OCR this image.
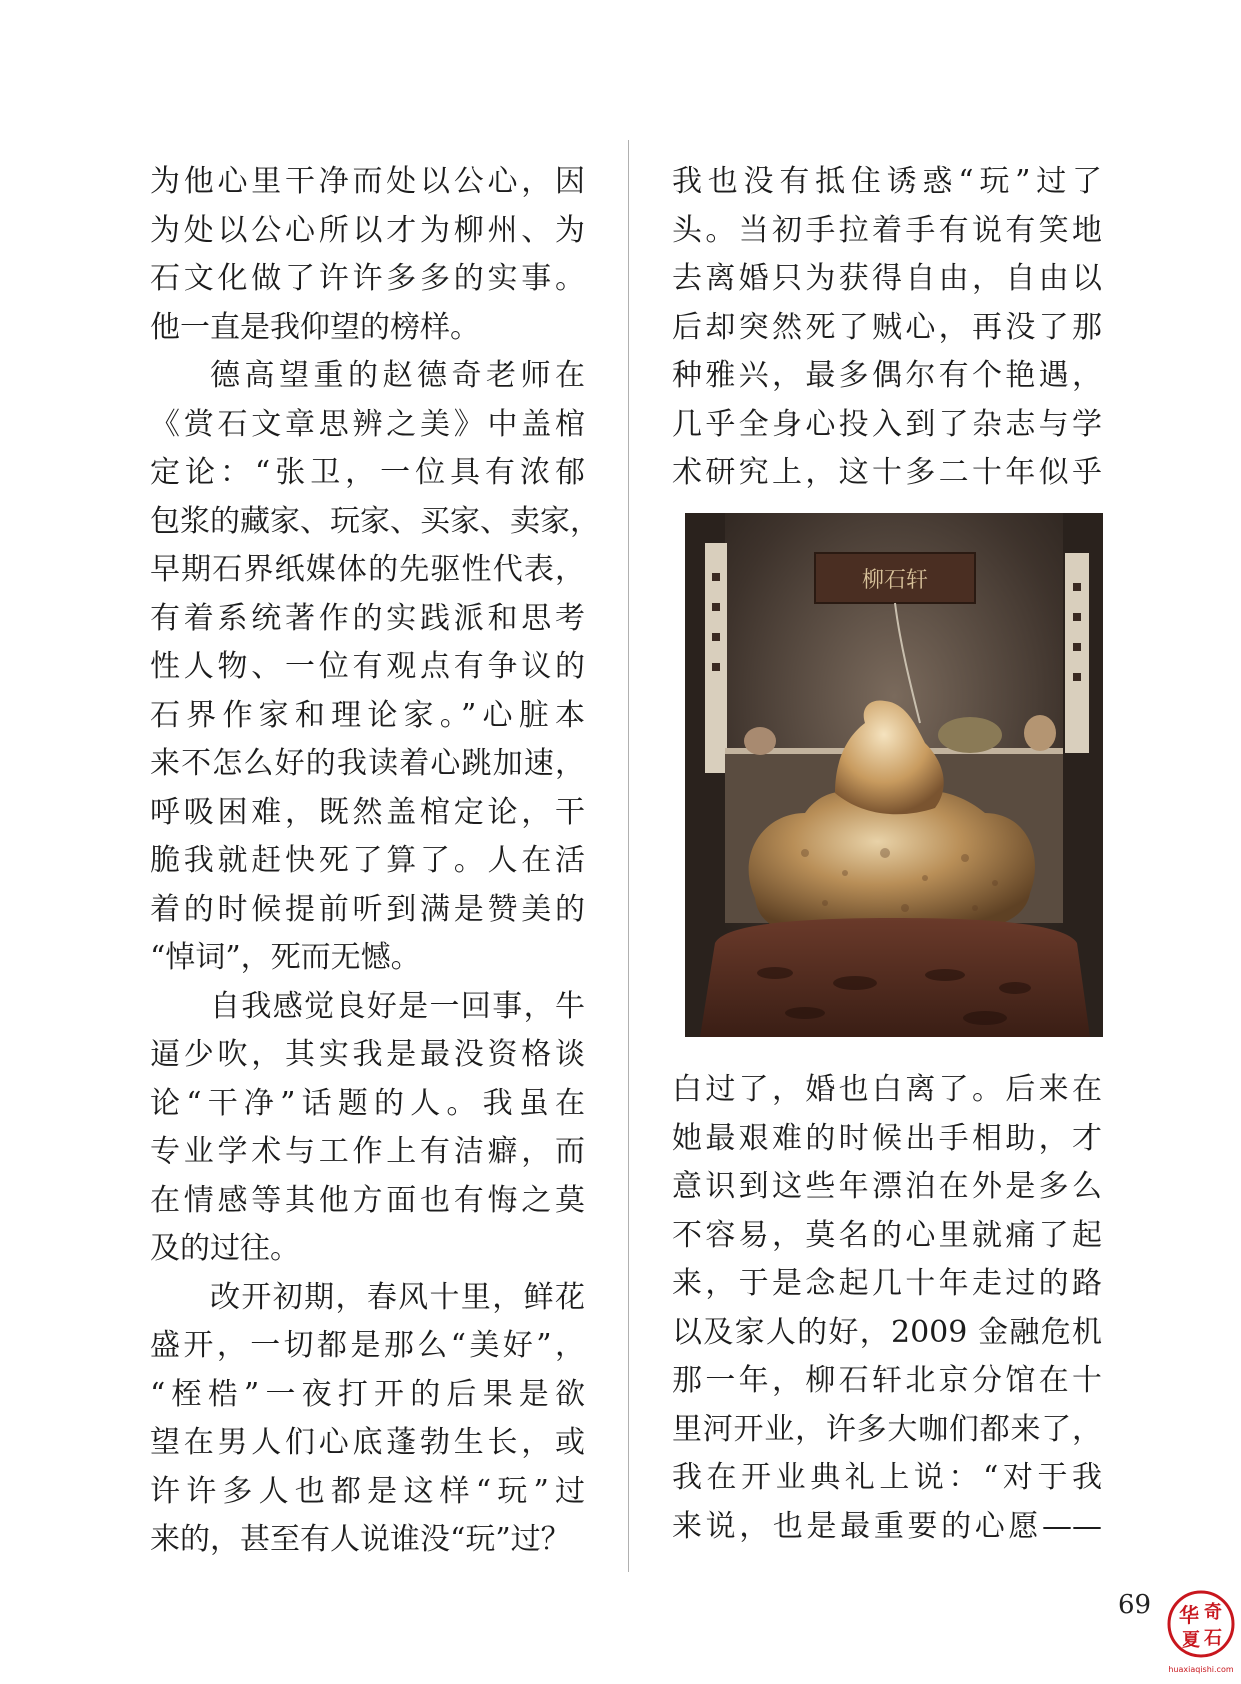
为他心里干净而处以公心，因
为处以公心所以才为柳州、为
石文化做了许许多多的实事。
他一直是我仰望的榜样。
德高望重的赵德奇老师在
《赏石文章思辨之美》中盖棺
定论：“张卫，一位具有浓郁
包浆的藏家、玩家、买家、卖家，
早期石界纸媒体的先驱性代表，
有着系统著作的实践派和思考
性人物、一位有观点有争议的
石界作家和理论家。”心脏本
来不怎么好的我读着心跳加速，
呼吸困难，既然盖棺定论，干
脆我就赶快死了算了。人在活
着的时候提前听到满是赞美的
“悼词”，死而无憾。
自我感觉良好是一回事，牛
逼少吹，其实我是最没资格谈
论“干净”话题的人。我虽在
专业学术与工作上有洁癖，而
在情感等其他方面也有悔之莫
及的过往。
改开初期，春风十里，鲜花
盛开，一切都是那么“美好”，
“桎梏”一夜打开的后果是欲
望在男人们心底蓬勃生长，或
许许多人也都是这样“玩”过
来的，甚至有人说谁没“玩”过？
我也没有抵住诱惑“玩”过了
头。当初手拉着手有说有笑地
去离婚只为获得自由，自由以
后却突然死了贼心，再没了那
种雅兴，最多偶尔有个艳遇，
几乎全身心投入到了杂志与学
术研究上，这十多二十年似乎
柳石轩
白过了，婚也白离了。后来在
她最艰难的时候出手相助，才
意识到这些年漂泊在外是多么
不容易，莫名的心里就痛了起
来，于是念起几十年走过的路
以及家人的好，2009 金融危机
那一年，柳石轩北京分馆在十
里河开业，许多大咖们都来了，
我在开业典礼上说：“对于我
来说，也是最重要的心愿——
69 华 奇
夏 石
huaxiaqishi.com
